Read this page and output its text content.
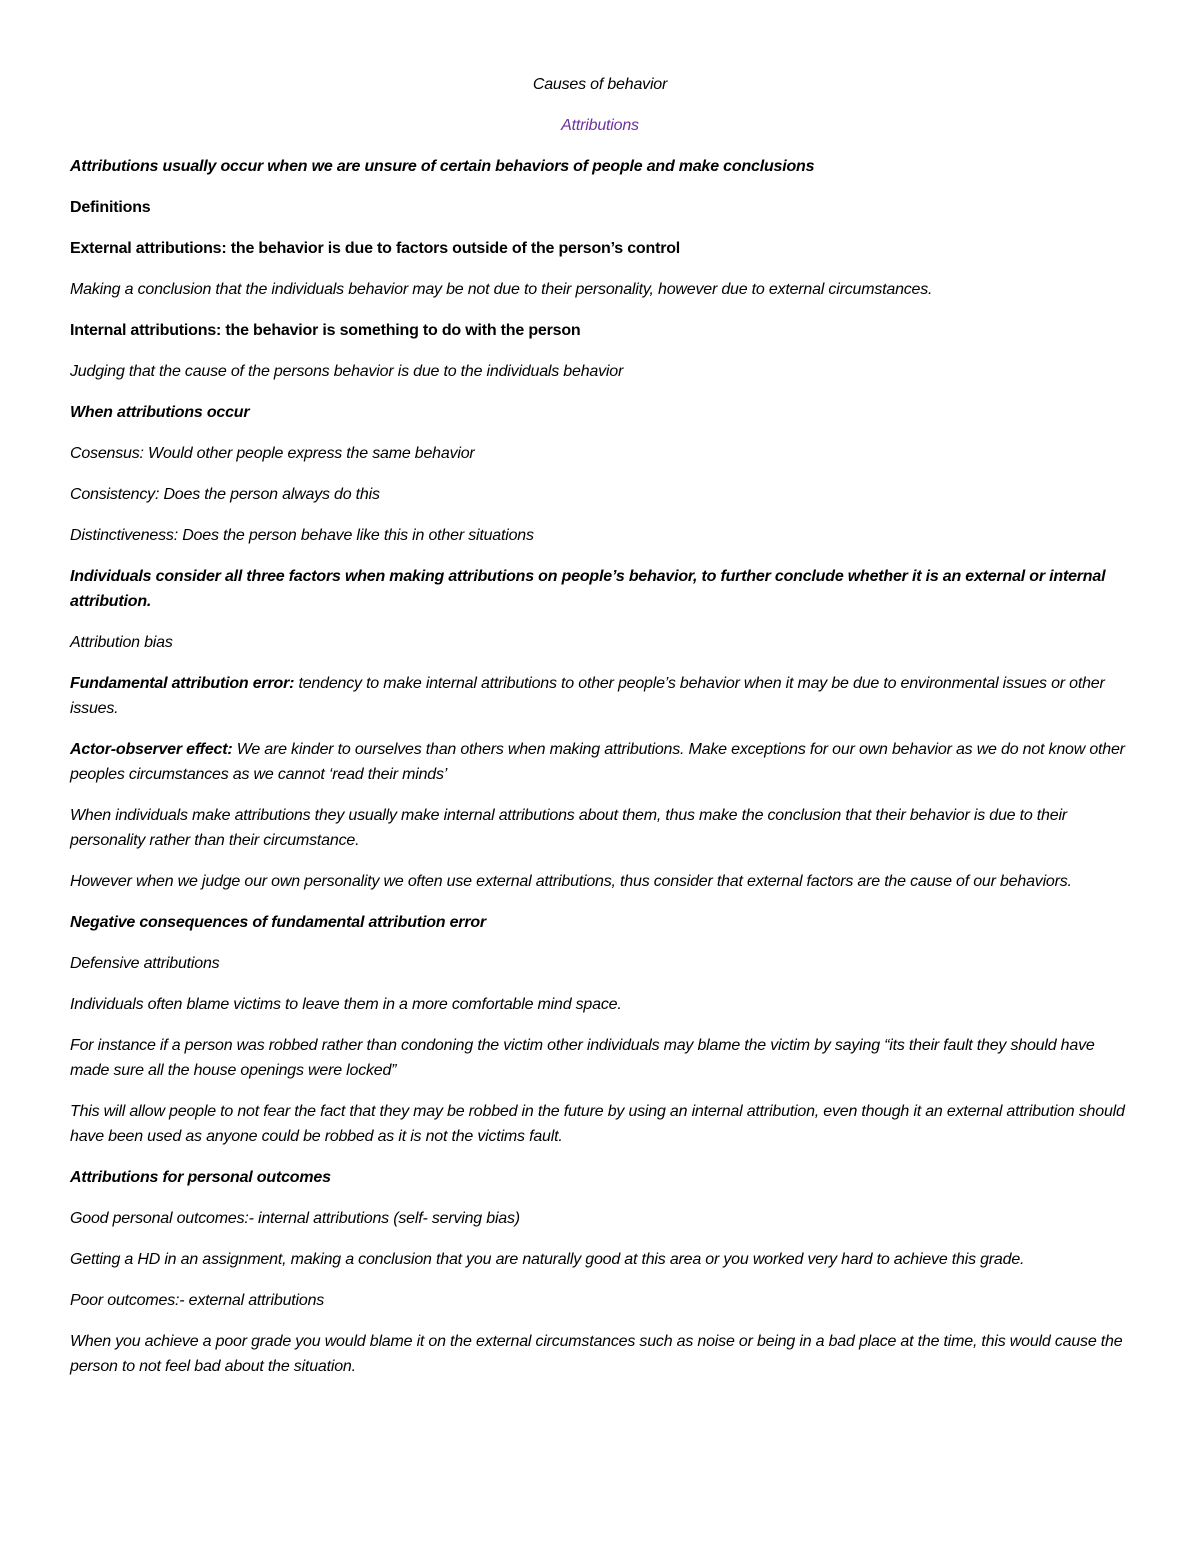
Causes of behavior

Attributions

Attributions usually occur when we are unsure of certain behaviors of people and make conclusions

Definitions

External attributions: the behavior is due to factors outside of the person’s control

Making a conclusion that the individuals behavior may be not due to their personality, however due to external circumstances.

Internal attributions: the behavior is something to do with the person

Judging that the cause of the persons behavior is due to the individuals behavior

When attributions occur

Cosensus: Would other people express the same behavior

Consistency: Does the person always do this

Distinctiveness: Does the person behave like this in other situations

Individuals consider all three factors when making attributions on people’s behavior, to further conclude whether it is an external or internal attribution.

Attribution bias

Fundamental attribution error: tendency to make internal attributions to other people’s behavior when it may be due to environmental issues or other issues.

Actor-observer effect: We are kinder to ourselves than others when making attributions. Make exceptions for our own behavior as we do not know other peoples circumstances as we cannot ‘read their minds’

When individuals make attributions they usually make internal attributions about them, thus make the conclusion that their behavior is due to their personality rather than their circumstance.

However when we judge our own personality we often use external attributions, thus consider that external factors are the cause of our behaviors.

Negative consequences of fundamental attribution error

Defensive attributions

Individuals often blame victims to leave them in a more comfortable mind space.

For instance if a person was robbed rather than condoning the victim other individuals may blame the victim by saying “its their fault they should have made sure all the house openings were locked”

This will allow people to not fear the fact that they may be robbed in the future by using an internal attribution, even though it an external attribution should have been used as anyone could be robbed as it is not the victims fault.

Attributions for personal outcomes

Good personal outcomes:- internal attributions (self- serving bias)

Getting a HD in an assignment, making a conclusion that you are naturally good at this area or you worked very hard to achieve this grade.

Poor outcomes:- external attributions

When you achieve a poor grade you would blame it on the external circumstances such as noise or being in a bad place at the time, this would cause the person to not feel bad about the situation.
